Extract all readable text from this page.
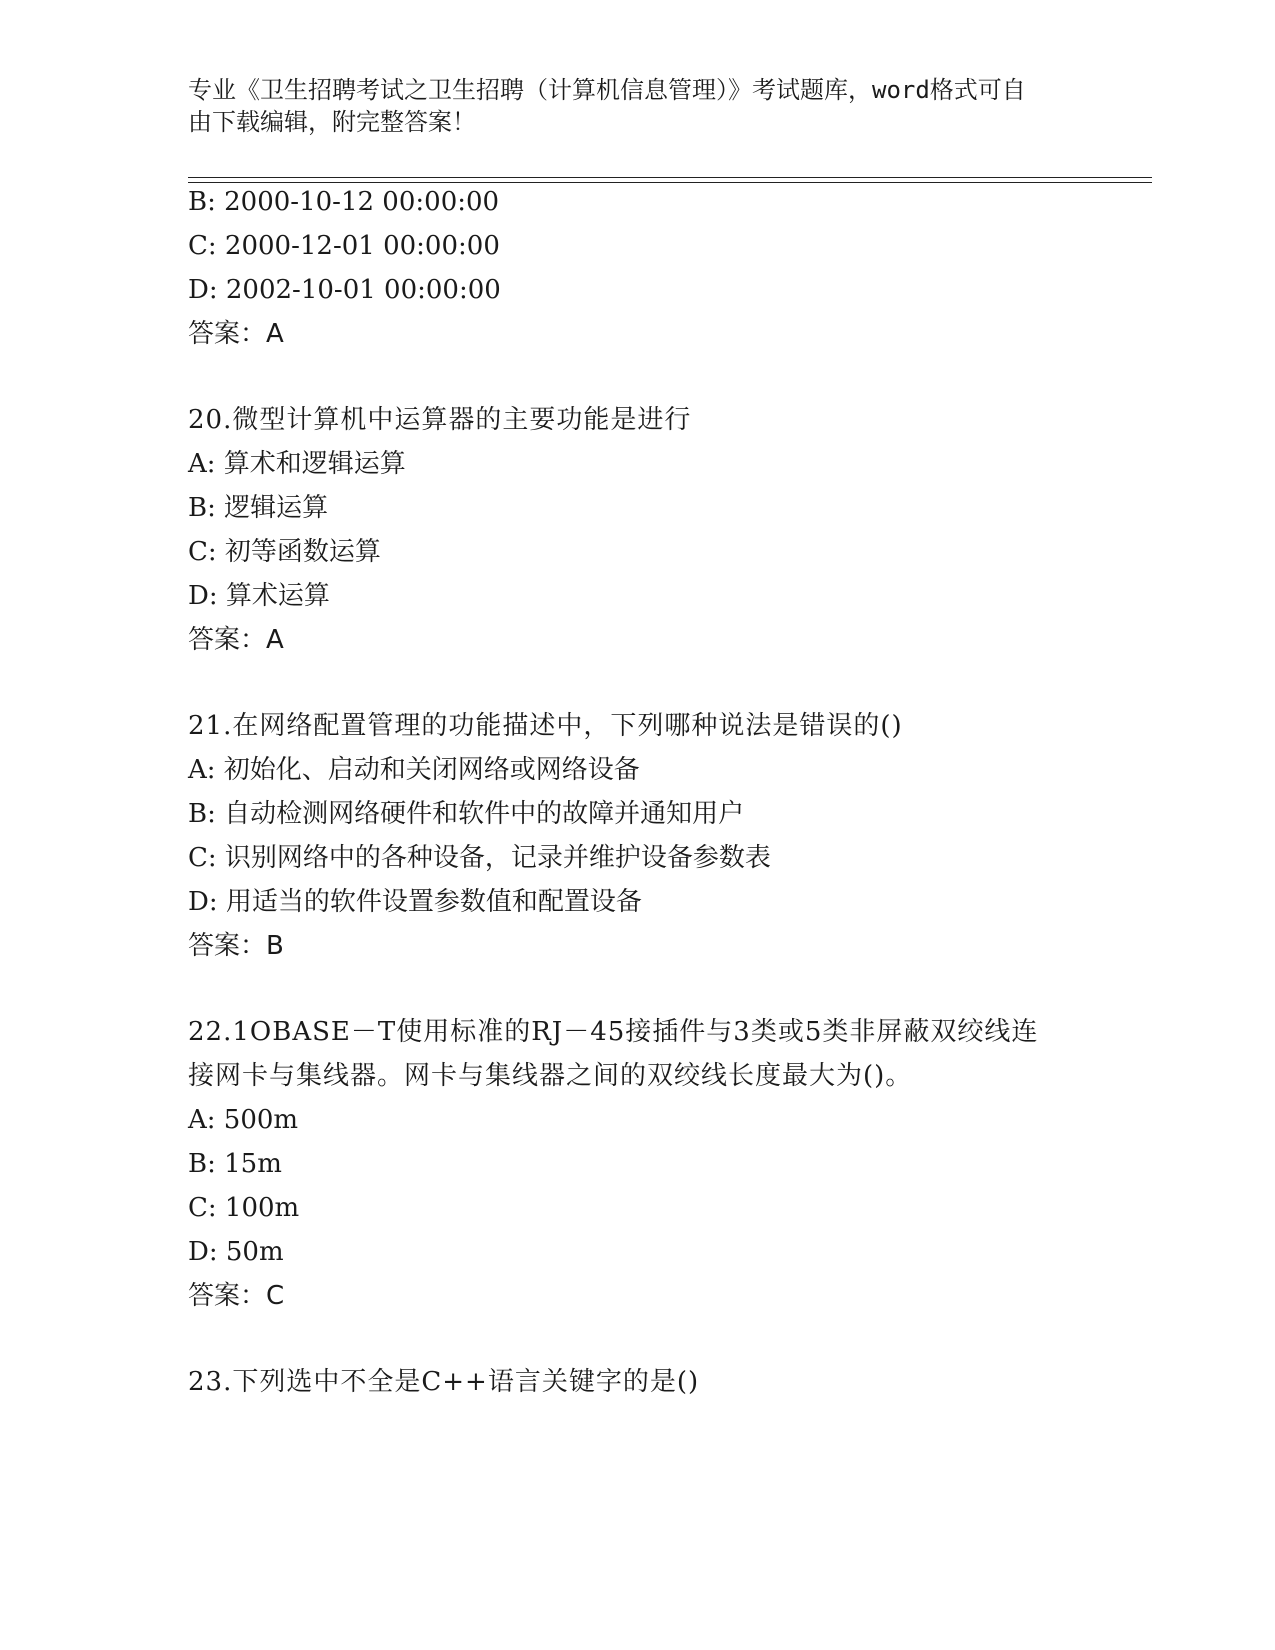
专业《卫生招聘考试之卫生招聘（计算机信息管理）》考试题库，word格式可自
由下载编辑，附完整答案！
B: 2000-10-12 00:00:00
C: 2000-12-01 00:00:00
D: 2002-10-01 00:00:00
答案：A
20.微型计算机中运算器的主要功能是进行
A: 算术和逻辑运算
B: 逻辑运算
C: 初等函数运算
D: 算术运算
答案：A
21.在网络配置管理的功能描述中，下列哪种说法是错误的()
A: 初始化、启动和关闭网络或网络设备
B: 自动检测网络硬件和软件中的故障并通知用户
C: 识别网络中的各种设备，记录并维护设备参数表
D: 用适当的软件设置参数值和配置设备
答案：B
22.1OBASE－T使用标准的RJ－45接插件与3类或5类非屏蔽双绞线连
接网卡与集线器。网卡与集线器之间的双绞线长度最大为()。
A: 500m
B: 15m
C: 100m
D: 50m
答案：C
23.下列选中不全是C++语言关键字的是()
